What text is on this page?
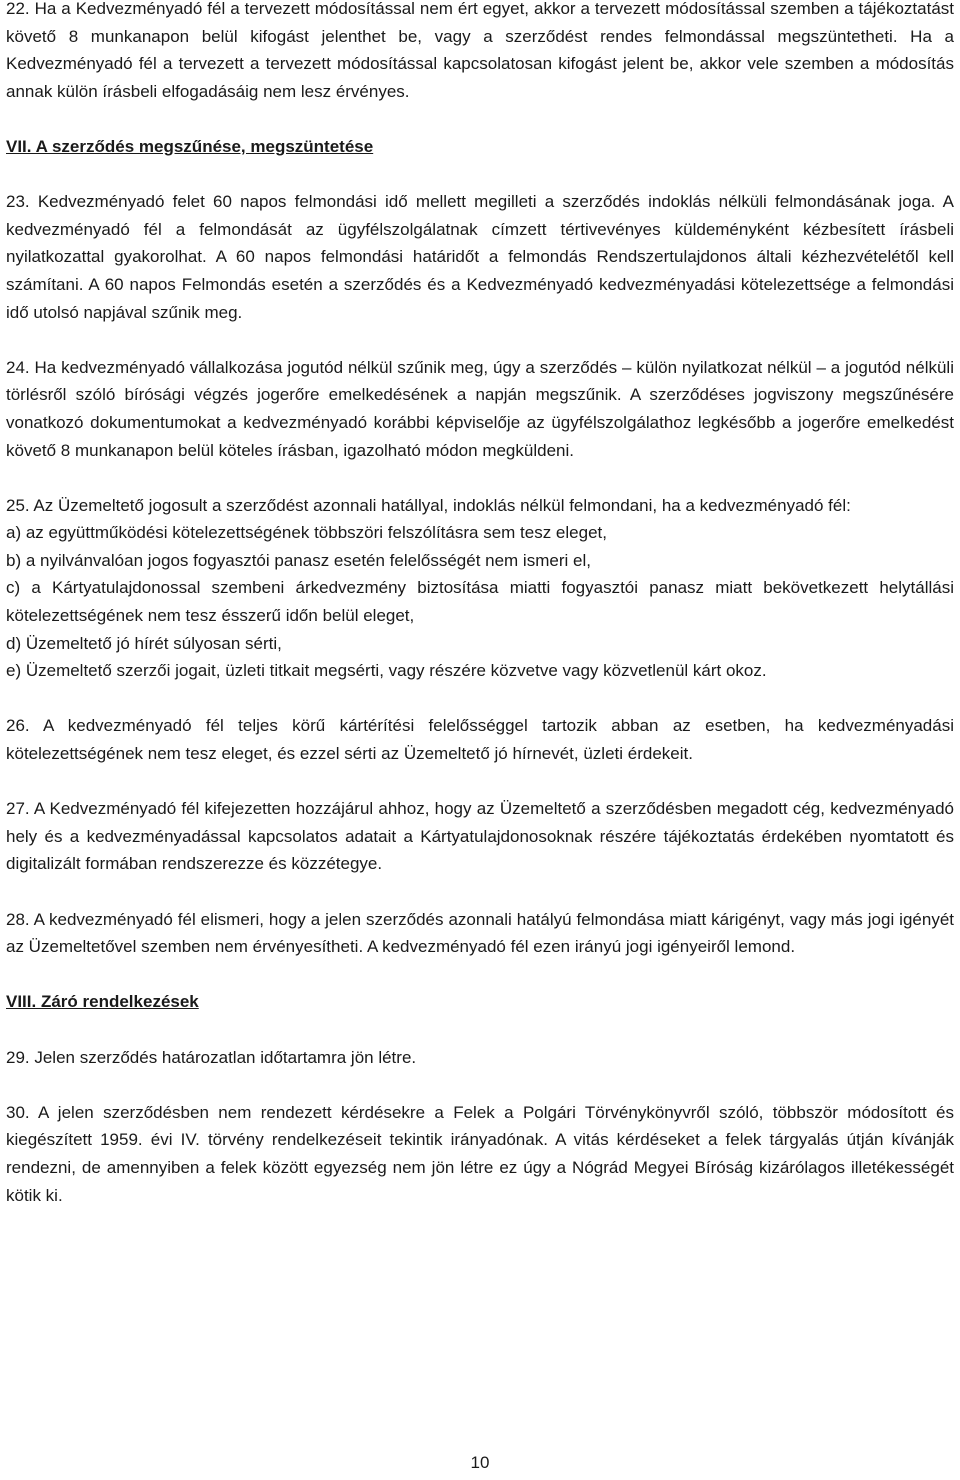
22. Ha a Kedvezményadó fél a tervezett módosítással nem ért egyet, akkor a tervezett módosítással szemben a tájékoztatást követő 8 munkanapon belül kifogást jelenthet be, vagy a szerződést rendes felmondással megszüntetheti. Ha a Kedvezményadó fél a tervezett a tervezett módosítással kapcsolatosan kifogást jelent be, akkor vele szemben a módosítás annak külön írásbeli elfogadásáig nem lesz érvényes.

VII. A szerződés megszűnése, megszüntetése

23. Kedvezményadó felet 60 napos felmondási idő mellett megilleti a szerződés indoklás nélküli felmondásának joga. A kedvezményadó fél a felmondását az ügyfélszolgálatnak címzett tértivevényes küldeményként kézbesített írásbeli nyilatkozattal gyakorolhat. A 60 napos felmondási határidőt a felmondás Rendszertulajdonos általi kézhezvételétől kell számítani. A 60 napos Felmondás esetén a szerződés és a Kedvezményadó kedvezményadási kötelezettsége a felmondási idő utolsó napjával szűnik meg.

24. Ha kedvezményadó vállalkozása jogutód nélkül szűnik meg, úgy a szerződés – külön nyilatkozat nélkül – a jogutód nélküli törlésről szóló bírósági végzés jogerőre emelkedésének a napján megszűnik. A szerződéses jogviszony megszűnésére vonatkozó dokumentumokat a kedvezményadó korábbi képviselője az ügyfélszolgálathoz legkésőbb a jogerőre emelkedést követő 8 munkanapon belül köteles írásban, igazolható módon megküldeni.

25. Az Üzemeltető jogosult a szerződést azonnali hatállyal, indoklás nélkül felmondani, ha a kedvezményadó fél:

a) az együttműködési kötelezettségének többszöri felszólításra sem tesz eleget,

b) a nyilvánvalóan jogos fogyasztói panasz esetén felelősségét nem ismeri el,

c) a Kártyatulajdonossal szembeni árkedvezmény biztosítása miatti fogyasztói panasz miatt bekövetkezett helytállási kötelezettségének nem tesz ésszerű időn belül eleget,

d) Üzemeltető jó hírét súlyosan sérti,

e) Üzemeltető szerzői jogait, üzleti titkait megsérti, vagy részére közvetve vagy közvetlenül kárt okoz.

26. A kedvezményadó fél teljes körű kártérítési felelősséggel tartozik abban az esetben, ha kedvezményadási kötelezettségének nem tesz eleget, és ezzel sérti az Üzemeltető jó hírnevét, üzleti érdekeit.

27. A Kedvezményadó fél kifejezetten hozzájárul ahhoz, hogy az Üzemeltető a szerződésben megadott cég, kedvezményadó hely és a kedvezményadással kapcsolatos adatait a Kártyatulajdonosoknak részére tájékoztatás érdekében nyomtatott és digitalizált formában rendszerezze és közzétegye.

28. A kedvezményadó fél elismeri, hogy a jelen szerződés azonnali hatályú felmondása miatt kárigényt, vagy más jogi igényét az Üzemeltetővel szemben nem érvényesítheti. A kedvezményadó fél ezen irányú jogi igényeiről lemond.

VIII. Záró rendelkezések

29. Jelen szerződés határozatlan időtartamra jön létre.

30. A jelen szerződésben nem rendezett kérdésekre a Felek a Polgári Törvénykönyvről szóló, többször módosított és kiegészített 1959. évi IV. törvény rendelkezéseit tekintik irányadónak. A vitás kérdéseket a felek tárgyalás útján kívánják rendezni, de amennyiben a felek között egyezség nem jön létre ez úgy a Nógrád Megyei Bíróság kizárólagos illetékességét kötik ki.

10
